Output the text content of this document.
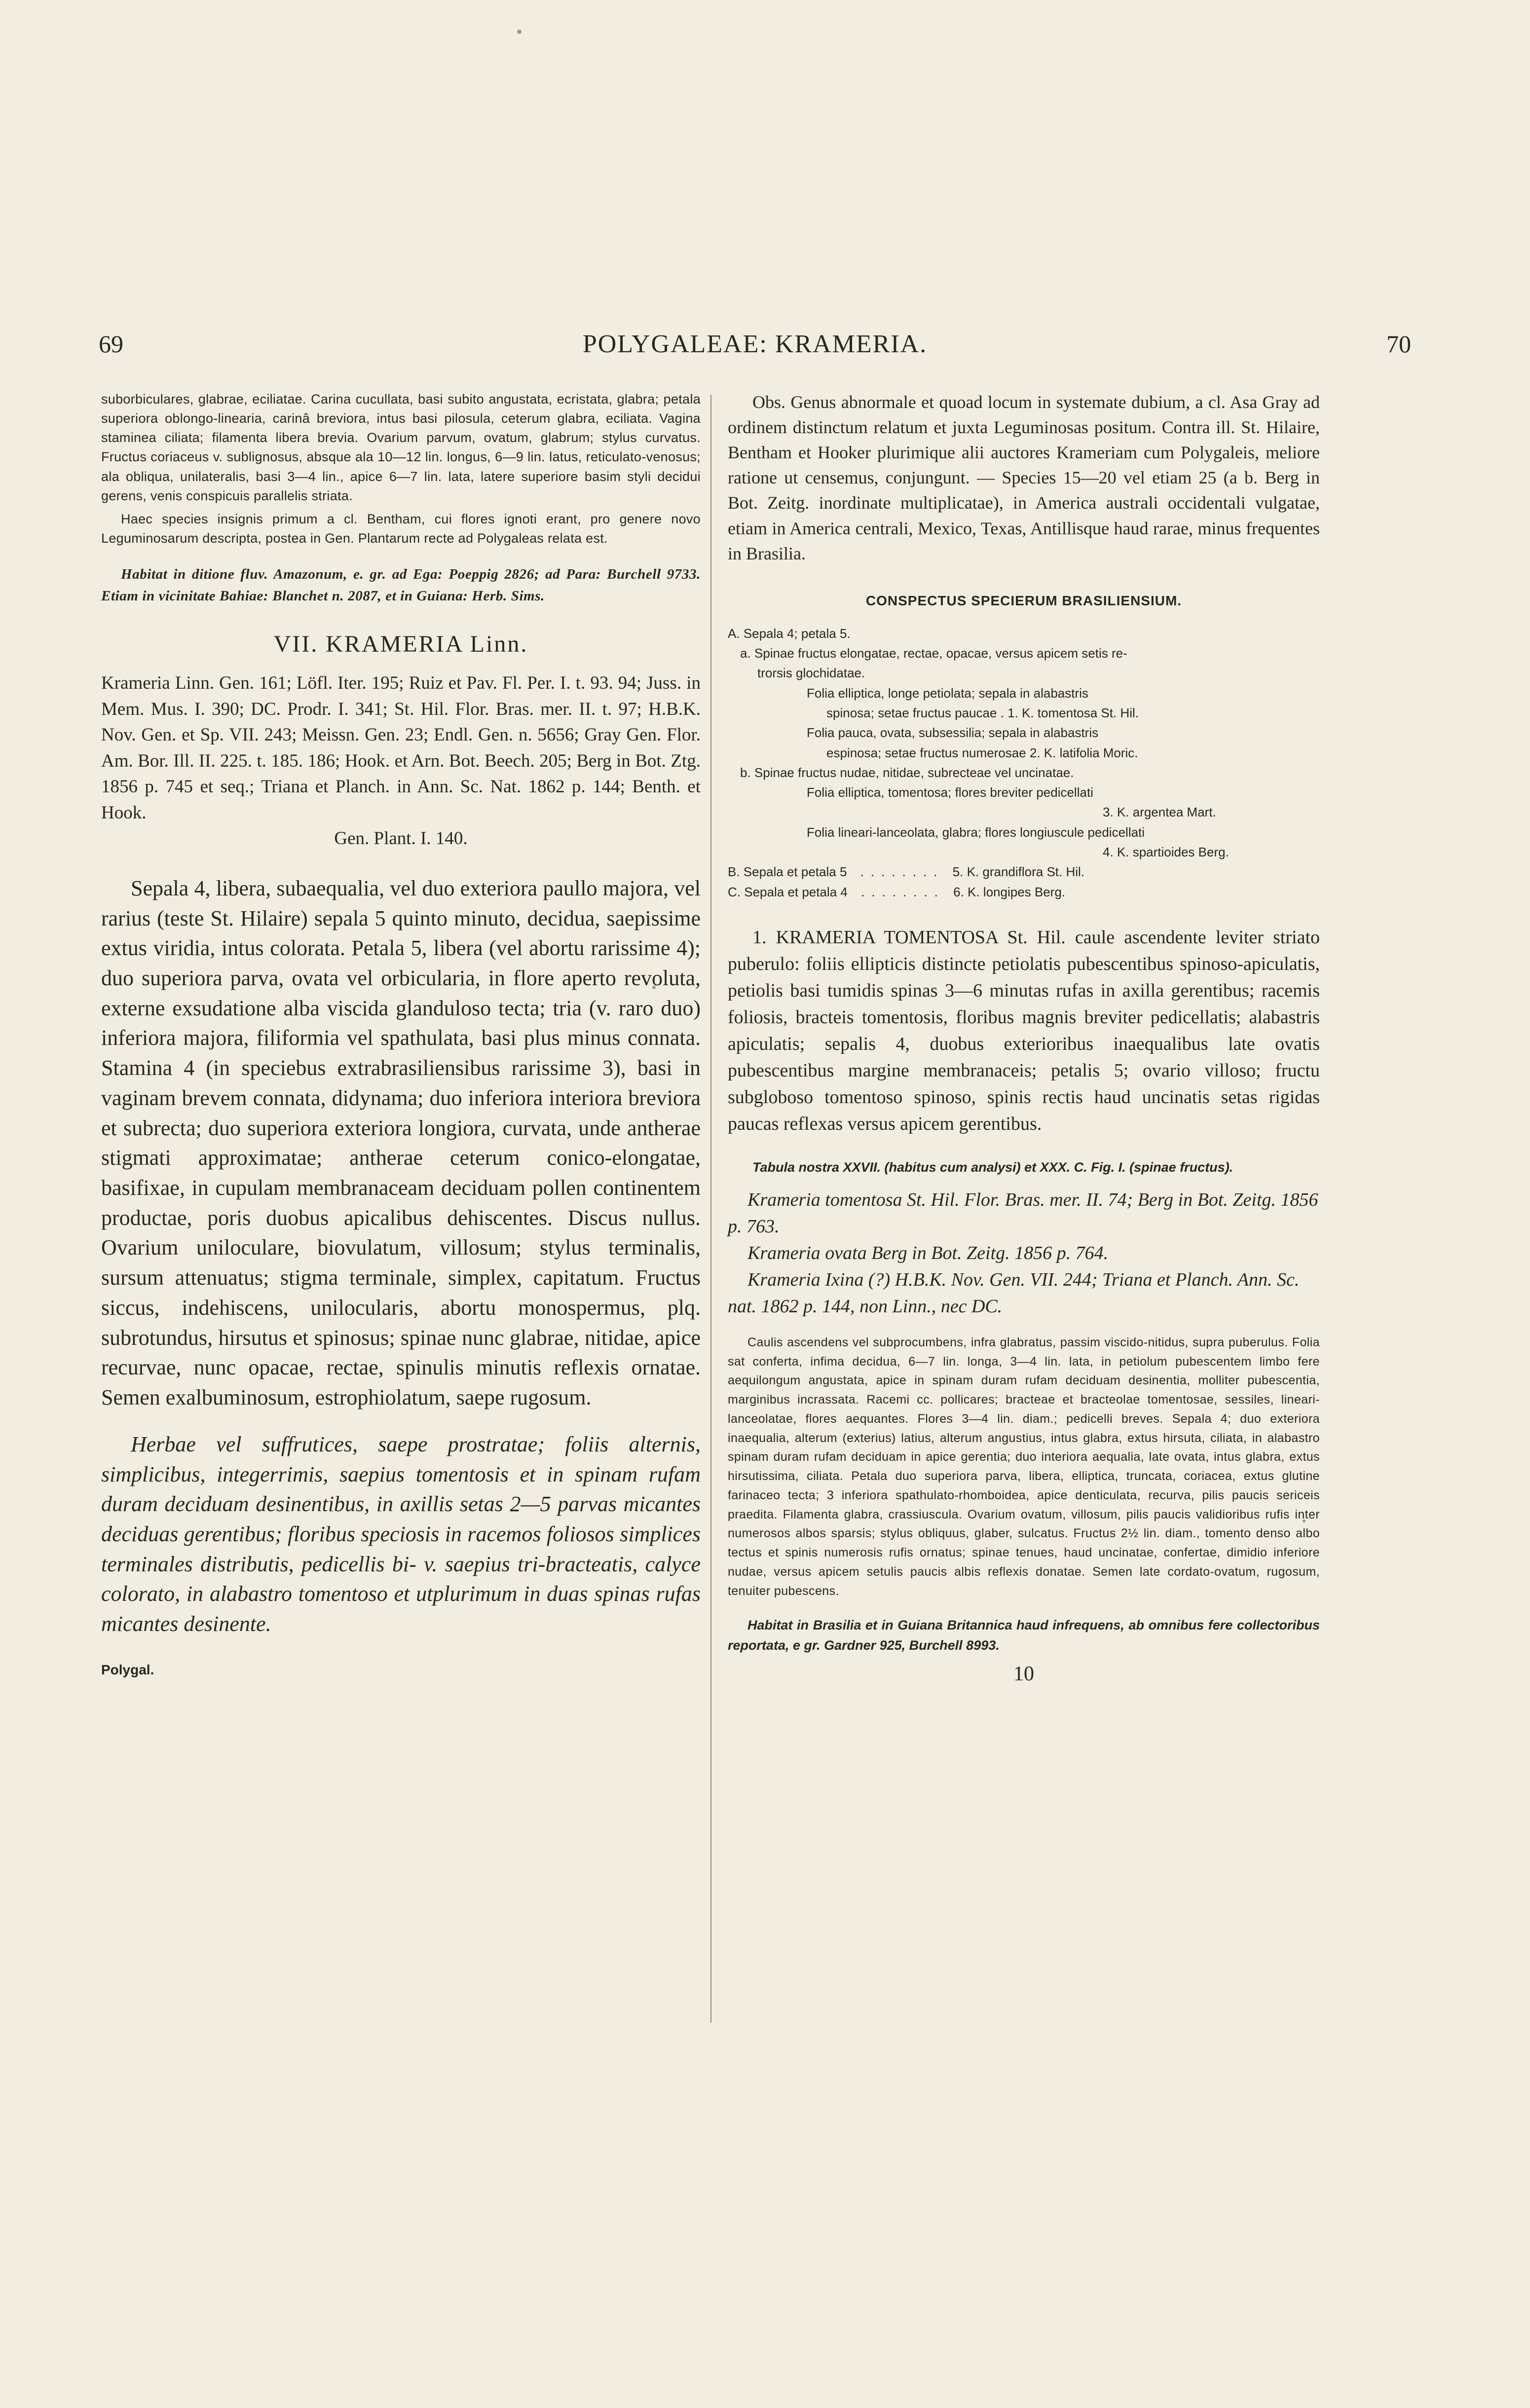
69	POLYGALEAE: KRAMERIA.	70

suborbiculares, glabrae, eciliatae. Carina cucullata, basi subito angustata, ecristata, glabra; petala superiora oblongo-linearia, carinâ breviora, intus basi pilosula, ceterum glabra, eciliata. Vagina staminea ciliata; filamenta libera brevia. Ovarium parvum, ovatum, glabrum; stylus curvatus. Fructus coriaceus v. sublignosus, absque ala 10—12 lin. longus, 6—9 lin. latus, reticulato-venosus; ala obliqua, unilateralis, basi 3—4 lin., apice 6—7 lin. lata, latere superiore basim styli decidui gerens, venis conspicuis parallelis striata.

Haec species insignis primum a cl. Bentham, cui flores ignoti erant, pro genere novo Leguminosarum descripta, postea in Gen. Plantarum recte ad Polygaleas relata est.

Habitat in ditione fluv. Amazonum, e. gr. ad Ega: Poeppig 2826; ad Para: Burchell 9733. Etiam in vicinitate Bahiae: Blanchet n. 2087, et in Guiana: Herb. Sims.
VII. KRAMERIA Linn.
Krameria Linn. Gen. 161; Löfl. Iter. 195; Ruiz et Pav. Fl. Per. I. t. 93. 94; Juss. in Mem. Mus. I. 390; DC. Prodr. I. 341; St. Hil. Flor. Bras. mer. II. t. 97; H.B.K. Nov. Gen. et Sp. VII. 243; Meissn. Gen. 23; Endl. Gen. n. 5656; Gray Gen. Flor. Am. Bor. Ill. II. 225. t. 185. 186; Hook. et Arn. Bot. Beech. 205; Berg in Bot. Ztg. 1856 p. 745 et seq.; Triana et Planch. in Ann. Sc. Nat. 1862 p. 144; Benth. et Hook.
Gen. Plant. I. 140.

Sepala 4, libera, subaequalia, vel duo exteriora paullo majora, vel rarius (teste St. Hilaire) sepala 5 quinto minuto, decidua, saepissime extus viridia, intus colorata. Petala 5, libera (vel abortu rarissime 4); duo superiora parva, ovata vel orbicularia, in flore aperto revoluta, externe exsudatione alba viscida glanduloso tecta; tria (v. raro duo) inferiora majora, filiformia vel spathulata, basi plus minus connata. Stamina 4 (in speciebus extrabrasiliensibus rarissime 3), basi in vaginam brevem connata, didynama; duo inferiora interiora breviora et subrecta; duo superiora exteriora longiora, curvata, unde antherae stigmati approximatae; antherae ceterum conico-elongatae, basifixae, in cupulam membranaceam deciduam pollen continentem productae, poris duobus apicalibus dehiscentes. Discus nullus. Ovarium uniloculare, biovulatum, villosum; stylus terminalis, sursum attenuatus; stigma terminale, simplex, capitatum. Fructus siccus, indehiscens, unilocularis, abortu monospermus, plq. subrotundus, hirsutus et spinosus; spinae nunc glabrae, nitidae, apice recurvae, nunc opacae, rectae, spinulis minutis reflexis ornatae. Semen exalbuminosum, estrophiolatum, saepe rugosum.

Herbae vel suffrutices, saepe prostratae; foliis alternis, simplicibus, integerrimis, saepius tomentosis et in spinam rufam duram deciduam desinentibus, in axillis setas 2—5 parvas micantes deciduas gerentibus; floribus speciosis in racemos foliosos simplices terminales distributis, pedicellis bi- v. saepius tri-bracteatis, calyce colorato, in alabastro tomentoso et utplurimum in duas spinas rufas micantes desinente.

Polygal.
Obs. Genus abnormale et quoad locum in systemate dubium, a cl. Asa Gray ad ordinem distinctum relatum et juxta Leguminosas positum. Contra ill. St. Hilaire, Bentham et Hooker plurimique alii auctores Krameriam cum Polygaleis, meliore ratione ut censemus, conjungunt. — Species 15—20 vel etiam 25 (a b. Berg in Bot. Zeitg. inordinate multiplicatae), in America australi occidentali vulgatae, etiam in America centrali, Mexico, Texas, Antillisque haud rarae, minus frequentes in Brasilia.
CONSPECTUS SPECIERUM BRASILIENSIUM.
A. Sepala 4; petala 5.
a. Spinae fructus elongatae, rectae, opacae, versus apicem setis re-
trorsis glochidatae.
Folia elliptica, longe petiolata; sepala in alabastris
spinosa; setae fructus paucae . 1. K. tomentosa St. Hil.
Folia pauca, ovata, subsessilia; sepala in alabastris
espinosa; setae fructus numerosae 2. K. latifolia Moric.
b. Spinae fructus nudae, nitidae, subrecteae vel uncinatae.
Folia elliptica, tomentosa; flores breviter pedicellati
3. K. argentea Mart.
Folia lineari-lanceolata, glabra; flores longiuscule pedicellati
4. K. spartioides Berg.
B. Sepala et petala 5 ........ 5. K. grandiflora St. Hil.
C. Sepala et petala 4 ........ 6. K. longipes Berg.
1. KRAMERIA TOMENTOSA St. Hil. caule ascendente leviter striato puberulo: foliis ellipticis distincte petiolatis pubescentibus spinoso-apiculatis, petiolis basi tumidis spinas 3—6 minutas rufas in axilla gerentibus; racemis foliosis, bracteis tomentosis, floribus magnis breviter pedicellatis; alabastris apiculatis; sepalis 4, duobus exterioribus inaequalibus late ovatis pubescentibus margine membranaceis; petalis 5; ovario villoso; fructu subgloboso tomentoso spinoso, spinis rectis haud uncinatis setas rigidas paucas reflexas versus apicem gerentibus.
Tabula nostra XXVII. (habitus cum analysi) et XXX. C. Fig. I. (spinae fructus).
Krameria tomentosa St. Hil. Flor. Bras. mer. II. 74; Berg in Bot. Zeitg. 1856 p. 763.
Krameria ovata Berg in Bot. Zeitg. 1856 p. 764.
Krameria Ixina (?) H.B.K. Nov. Gen. VII. 244; Triana et Planch. Ann. Sc. nat. 1862 p. 144, non Linn., nec DC.
Caulis ascendens vel subprocumbens, infra glabratus, passim viscido-nitidus, supra puberulus. Folia sat conferta, infima decidua, 6—7 lin. longa, 3—4 lin. lata, in petiolum pubescentem limbo fere aequilongum angustata, apice in spinam duram rufam deciduam desinentia, molliter pubescentia, marginibus incrassata. Racemi cc. pollicares; bracteae et bracteolae tomentosae, sessiles, lineari-lanceolatae, flores aequantes. Flores 3—4 lin. diam.; pedicelli breves. Sepala 4; duo exteriora inaequalia, alterum (exterius) latius, alterum angustius, intus glabra, extus hirsuta, ciliata, in alabastro spinam duram rufam deciduam in apice gerentia; duo interiora aequalia, late ovata, intus glabra, extus hirsutissima, ciliata. Petala duo superiora parva, libera, elliptica, truncata, coriacea, extus glutine farinaceo tecta; 3 inferiora spathulato-rhomboidea, apice denticulata, recurva, pilis paucis sericeis praedita. Filamenta glabra, crassiuscula. Ovarium ovatum, villosum, pilis paucis validioribus rufis inter numerosos albos sparsis; stylus obliquus, glaber, sulcatus. Fructus 2½ lin. diam., tomento denso albo tectus et spinis numerosis rufis ornatus; spinae tenues, haud uncinatae, confertae, dimidio inferiore nudae, versus apicem setulis paucis albis reflexis donatae. Semen late cordato-ovatum, rugosum, tenuiter pubescens.
Habitat in Brasilia et in Guiana Britannica haud infrequens, ab omnibus fere collectoribus reportata, e gr. Gardner 925, Burchell 8993.
10
